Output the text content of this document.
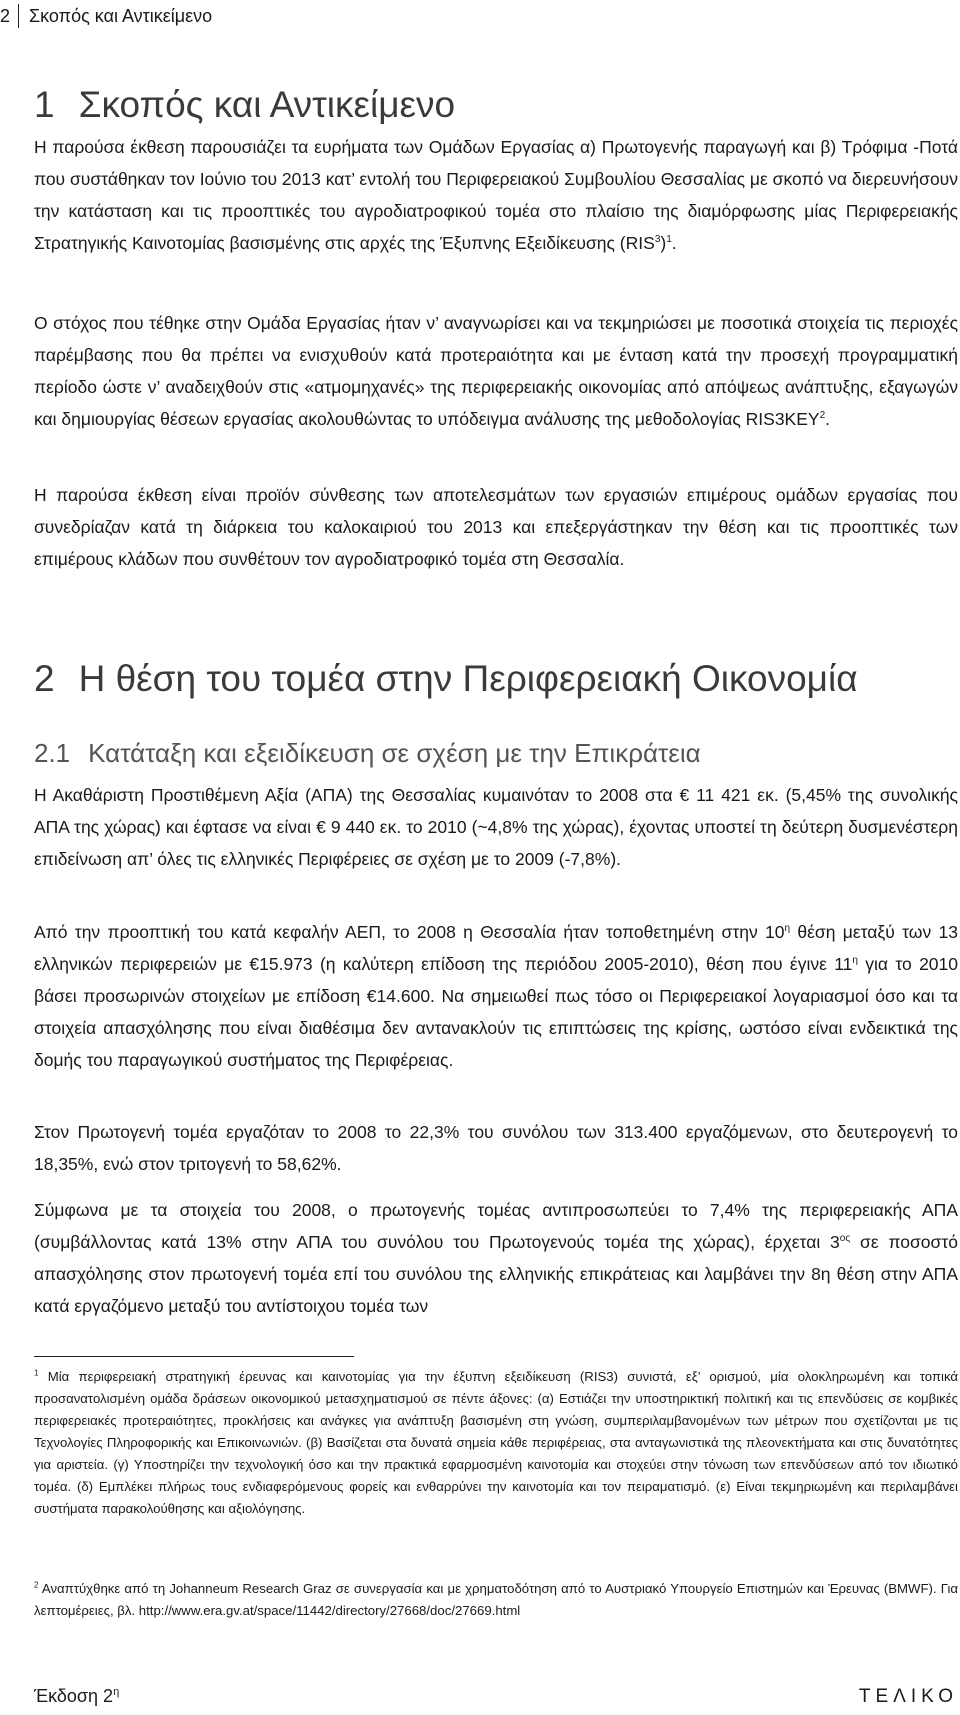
2	Σκοπός και Αντικείμενο
1 Σκοπός και Αντικείμενο

Η παρούσα έκθεση παρουσιάζει τα ευρήματα των Ομάδων Εργασίας α) Πρωτογενής παραγωγή και β) Τρόφιμα -Ποτά που συστάθηκαν τον Ιούνιο του 2013 κατ’ εντολή του Περιφερειακού Συμβουλίου Θεσσαλίας με σκοπό να διερευνήσουν την κατάσταση και τις προοπτικές του αγροδιατροφικού τομέα στο πλαίσιο της διαμόρφωσης μίας Περιφερειακής Στρατηγικής Καινοτομίας βασισμένης στις αρχές της Έξυπνης Εξειδίκευσης $(RIS^3)^1$.

Ο στόχος που τέθηκε στην Ομάδα Εργασίας ήταν ν’ αναγνωρίσει και να τεκμηριώσει με ποσοτικά στοιχεία τις περιοχές παρέμβασης που θα πρέπει να ενισχυθούν κατά προτεραιότητα και με ένταση κατά την προσεχή προγραμματική περίοδο ώστε ν’ αναδειχθούν στις «ατμομηχανές» της περιφερειακής οικονομίας από απόψεως ανάπτυξης, εξαγωγών και δημιουργίας θέσεων εργασίας ακολουθώντας το υπόδειγμα ανάλυσης της μεθοδολογίας RIS3KEY$^2$.

Η παρούσα έκθεση είναι προϊόν σύνθεσης των αποτελεσμάτων των εργασιών επιμέρους ομάδων εργασίας που συνεδρίαζαν κατά τη διάρκεια του καλοκαιριού του 2013 και επεξεργάστηκαν την θέση και τις προοπτικές των επιμέρους κλάδων που συνθέτουν τον αγροδιατροφικό τομέα στη Θεσσαλία.

2 Η θέση του τομέα στην Περιφερειακή Οικονομία
2.1 Κατάταξη και εξειδίκευση σε σχέση με την Επικράτεια

Η Ακαθάριστη Προστιθέμενη Αξία (ΑΠΑ) της Θεσσαλίας κυμαινόταν το 2008 στα € 11 421 εκ. (5,45% της συνολικής ΑΠΑ της χώρας) και έφτασε να είναι € 9 440 εκ. το 2010 (~4,8% της χώρας), έχοντας υποστεί τη δεύτερη δυσμενέστερη επιδείνωση απ’ όλες τις ελληνικές Περιφέρειες σε σχέση με το 2009 (-7,8%).

Από την προοπτική του κατά κεφαλήν ΑΕΠ, το 2008 η Θεσσαλία ήταν τοποθετημένη στην $10^\eta$ θέση μεταξύ των 13 ελληνικών περιφερειών με €15.973 (η καλύτερη επίδοση της περιόδου 2005-2010), θέση που έγινε $11^\eta$ για το 2010 βάσει προσωρινών στοιχείων με επίδοση €14.600. Να σημειωθεί πως τόσο οι Περιφερειακοί λογαριασμοί όσο και τα στοιχεία απασχόλησης που είναι διαθέσιμα δεν αντανακλούν τις επιπτώσεις της κρίσης, ωστόσο είναι ενδεικτικά της δομής του παραγωγικού συστήματος της Περιφέρειας.

Στον Πρωτογενή τομέα εργαζόταν το 2008 το 22,3% του συνόλου των 313.400 εργαζόμενων, στο δευτερογενή το 18,35%, ενώ στον τριτογενή το 58,62%.

Σύμφωνα με τα στοιχεία του 2008, ο πρωτογενής τομέας αντιπροσωπεύει το 7,4% της περιφερειακής ΑΠΑ (συμβάλλοντας κατά 13% στην ΑΠΑ του συνόλου του Πρωτογενούς τομέα της χώρας), έρχεται $3^{o\varsigma}$ σε ποσοστό απασχόλησης στον πρωτογενή τομέα επί του συνόλου της ελληνικής επικράτειας και λαμβάνει την 8η θέση στην ΑΠΑ κατά εργαζόμενο μεταξύ του αντίστοιχου τομέα των

$^1$ Μία περιφερειακή στρατηγική έρευνας και καινοτομίας για την έξυπνη εξειδίκευση (RIS3) συνιστά, εξ’ ορισμού, μία ολοκληρωμένη και τοπικά προσανατολισμένη ομάδα δράσεων οικονομικού μετασχηματισμού σε πέντε άξονες: (α) Εστιάζει την υποστηρικτική πολιτική και τις επενδύσεις σε κομβικές περιφερειακές προτεραιότητες, προκλήσεις και ανάγκες για ανάπτυξη βασισμένη στη γνώση, συμπεριλαμβανομένων των μέτρων που σχετίζονται με τις Τεχνολογίες Πληροφορικής και Επικοινωνιών. (β) Βασίζεται στα δυνατά σημεία κάθε περιφέρειας, στα ανταγωνιστικά της πλεονεκτήματα και στις δυνατότητες για αριστεία. (γ) Υποστηρίζει την τεχνολογική όσο και την πρακτικά εφαρμοσμένη καινοτομία και στοχεύει στην τόνωση των επενδύσεων από τον ιδιωτικό τομέα. (δ) Εμπλέκει πλήρως τους ενδιαφερόμενους φορείς και ενθαρρύνει την καινοτομία και τον πειραματισμό. (ε) Είναι τεκμηριωμένη και περιλαμβάνει συστήματα παρακολούθησης και αξιολόγησης.

$^2$ Αναπτύχθηκε από τη Johanneum Research Graz σε συνεργασία και με χρηματοδότηση από το Αυστριακό Υπουργείο Επιστημών και Έρευνας (BMWF). Για λεπτομέρειες, βλ. http://www.era.gv.at/space/11442/directory/27668/doc/27669.html

Έκδοση $2^\eta$	ΤΕΛΙΚΟ
